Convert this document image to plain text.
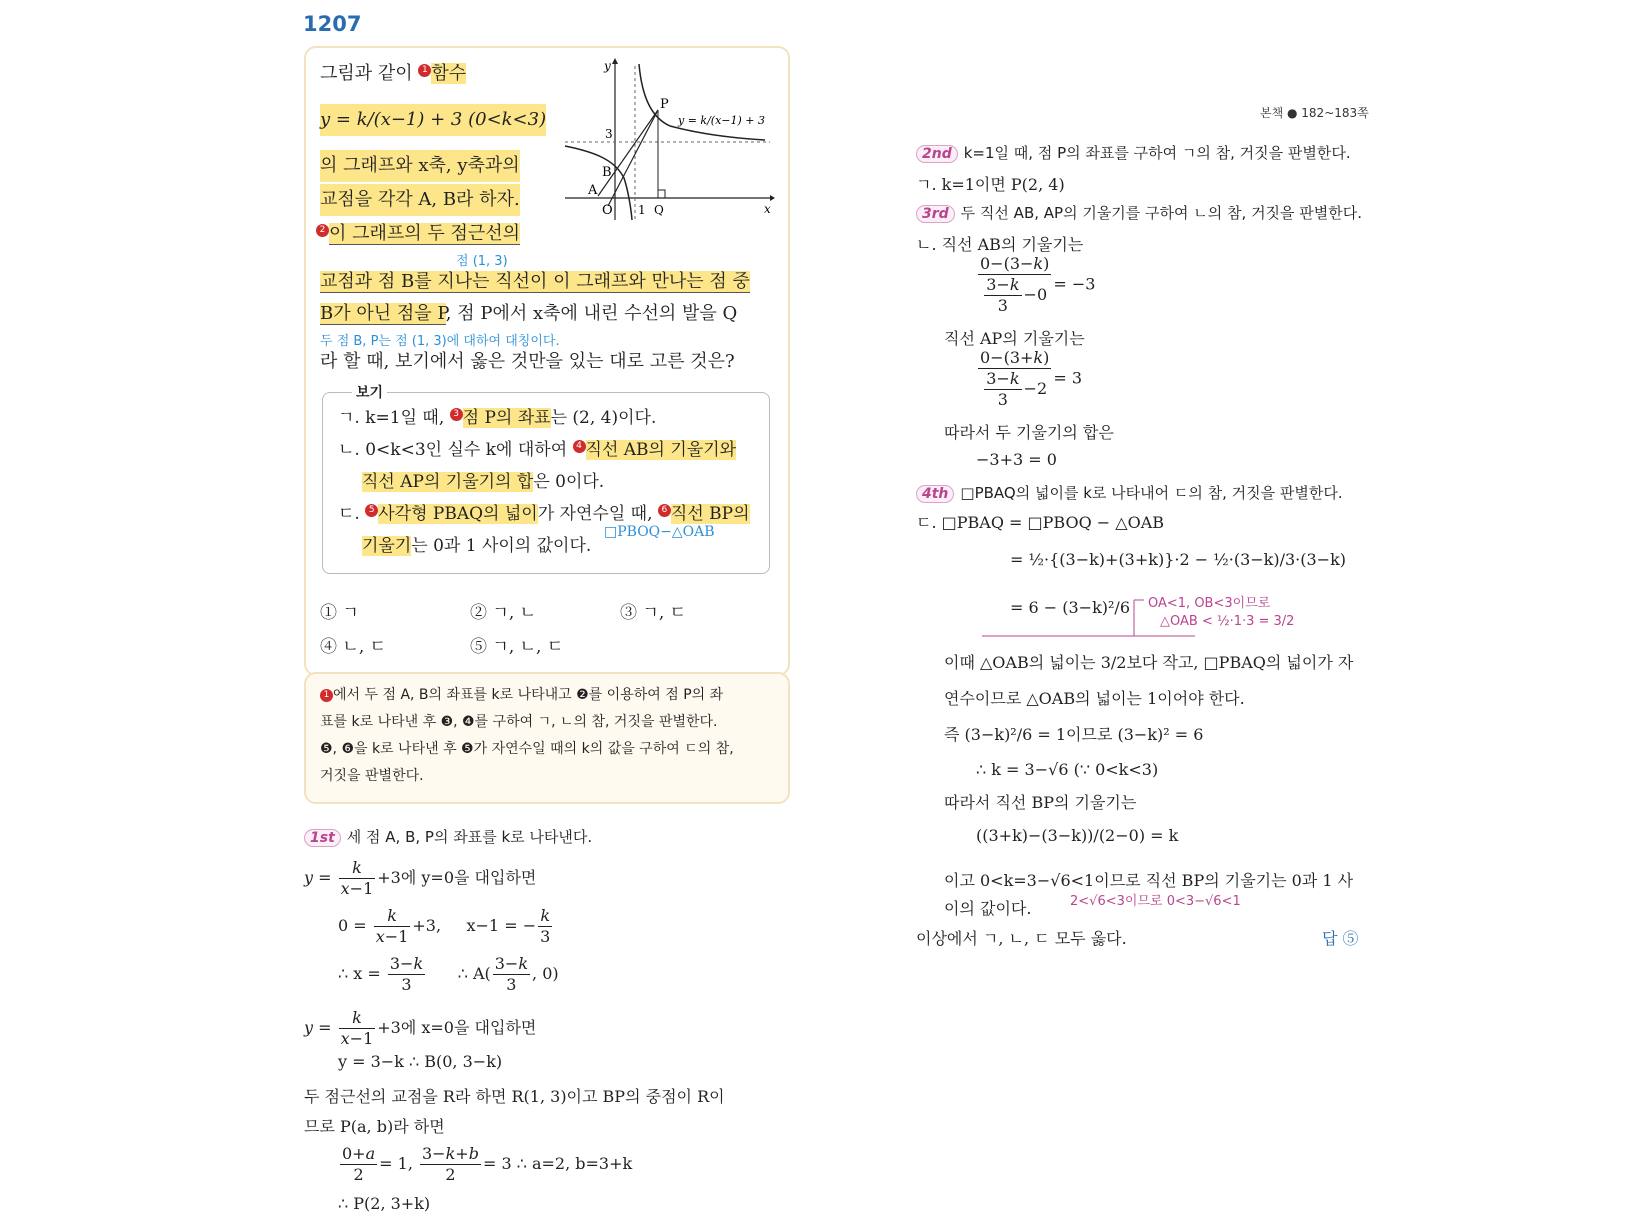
1207
그림과 같이 1 함수
y = k/(x−1) + 3 (0<k<3)
의 그래프와 x축, y축과의
교점을 각각 A, B라 하자.
2 이 그래프의 두 점근선의
점 (1, 3)
교점과 점 B를 지나는 직선이 이 그래프와 만나는 점 중
B가 아닌 점을 P, 점 P에서 x축에 내린 수선의 발을 Q
두 점 B, P는 점 (1, 3)에 대하여 대칭이다.
라 할 때, 보기에서 옳은 것만을 있는 대로 고른 것은?
y
x
P
B
A
O 1 Q
3
y = k/(x−1) + 3
보기
ㄱ. k=1일 때, 3 점 P의 좌표는 (2, 4)이다.
ㄴ. 0<k<3인 실수 k에 대하여 4 직선 AB의 기울기와
직선 AP의 기울기의 합은 0이다.
ㄷ. 5 사각형 PBAQ의 넓이가 자연수일 때, 6 직선 BP의
기울기는 0과 1 사이의 값이다.
□PBOQ−△OAB
① ㄱ	② ㄱ, ㄴ	③ ㄱ, ㄷ
④ ㄴ, ㄷ	⑤ ㄱ, ㄴ, ㄷ
1 에서 두 점 A, B의 좌표를 k로 나타내고 ❷를 이용하여 점 P의 좌
표를 k로 나타낸 후 ❸, ❹를 구하여 ㄱ, ㄴ의 참, 거짓을 판별한다.
❺, ❻을 k로 나타낸 후 ❺가 자연수일 때의 k의 값을 구하여 ㄷ의 참,
거짓을 판별한다.
1st 세 점 A, B, P의 좌표를 k로 나타낸다.
$y = \frac{k}{x-1} +3$에 y=0을 대입하면
$0 = \frac{k}{x-1} +3$, x−1 = − $\frac{k}{3}$
∴ $x = \frac{3-k}{3}$ ∴ $A( \frac{3-k}{3}$ , 0)
$y = \frac{k}{x-1} +3$에 x=0을 대입하면
y = 3−k ∴ B(0, 3−k)
두 점근선의 교점을 R라 하면 R(1, 3)이고 BP의 중점이 R이
므로 P(a, b)라 하면
$\frac{0+a}{2} = 1$, $\frac{3-k+b}{2} = 3$ ∴ a=2, b=3+k
∴ P(2, 3+k)
본책 ● 182~183쪽
2nd k=1일 때, 점 P의 좌표를 구하여 ㄱ의 참, 거짓을 판별한다.
ㄱ. k=1이면 P(2, 4)
3rd 두 직선 AB, AP의 기울기를 구하여 ㄴ의 참, 거짓을 판별한다.
ㄴ. 직선 AB의 기울기는
$\frac{0-(3-k)}{\frac{3-k}{3} -0} = -3$
직선 AP의 기울기는
$\frac{0-(3+k)}{\frac{3-k}{3} -2} = 3$
따라서 두 기울기의 합은
−3+3 = 0
4th □PBAQ의 넓이를 k로 나타내어 ㄷ의 참, 거짓을 판별한다.
ㄷ. □PBAQ = □PBOQ − △OAB
= ½·{(3−k)+(3+k)}·2 − ½·(3−k)/3·(3−k)
= 6 − (3−k)²/6 OA<1, OB<3이므로
△OAB < ½·1·3 = 3/2
이때 △OAB의 넓이는 3/2보다 작고, □PBAQ의 넓이가 자
연수이므로 △OAB의 넓이는 1이어야 한다.
즉 (3−k)²/6 = 1이므로 (3−k)² = 6
∴ k = 3−√6 (∵ 0<k<3)
따라서 직선 BP의 기울기는
((3+k)−(3−k))/(2−0) = k
이고 0<k=3−√6<1이므로 직선 BP의 기울기는 0과 1 사
이의 값이다.	2<√6<3이므로 0<3−√6<1
이상에서 ㄱ, ㄴ, ㄷ 모두 옳다.	답 ⑤
